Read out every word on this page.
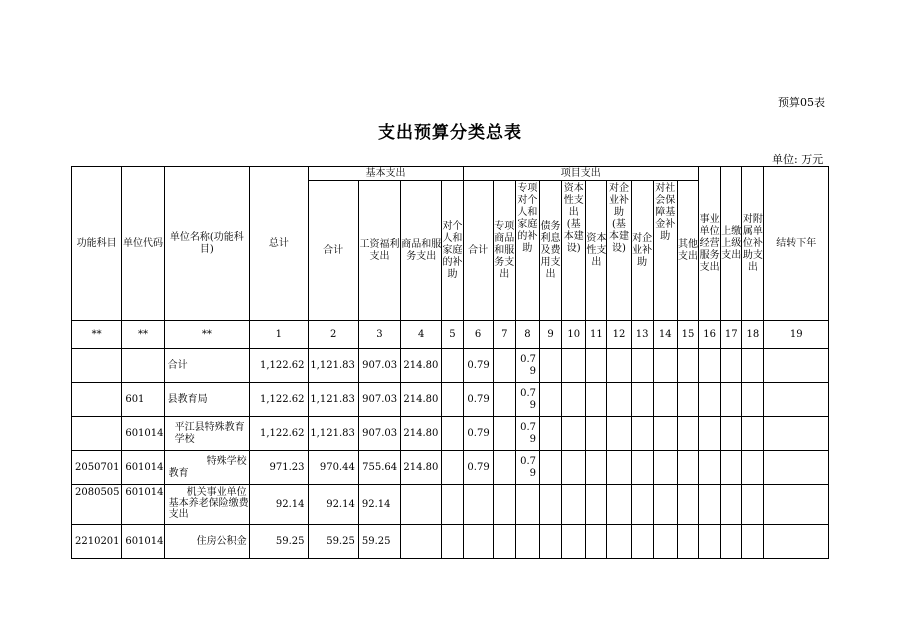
预算05表
支出预算分类总表
单位: 万元
功能科目	单位代码	单位名称(功能科目)	总计	基本支出				项目支出										事业单位经营服务支出	上缴上级支出	对附属单位补助支出	结转下年
				合计	工资福利支出	商品和服务支出	对个人和家庭的补助	合计	专项商品和服务支出	专项对个人和家庭的补助	债务利息及费用支出	资本性支出(基本建设)	资本性支出	对企业补助(基本建设)	对企业补助	对社会保障基金补助	其他支出				
**	**	**	1	2	3	4	5	6	7	8	9	10	11	12	13	14	15	16	17	18	19
		合计	1,122.62	1,121.83	907.03	214.80		0.79		0.79											
	601	县教育局	1,122.62	1,121.83	907.03	214.80		0.79		0.79											
	601014	平江县特殊教育学校	1,122.62	1,121.83	907.03	214.80		0.79		0.79											
2050701	601014	特殊学校教育	971.23	970.44	755.64	214.80		0.79		0.79											
2080505	601014	机关事业单位基本养老保险缴费支出	92.14	92.14	92.14																
2210201	601014	住房公积金	59.25	59.25	59.25																
